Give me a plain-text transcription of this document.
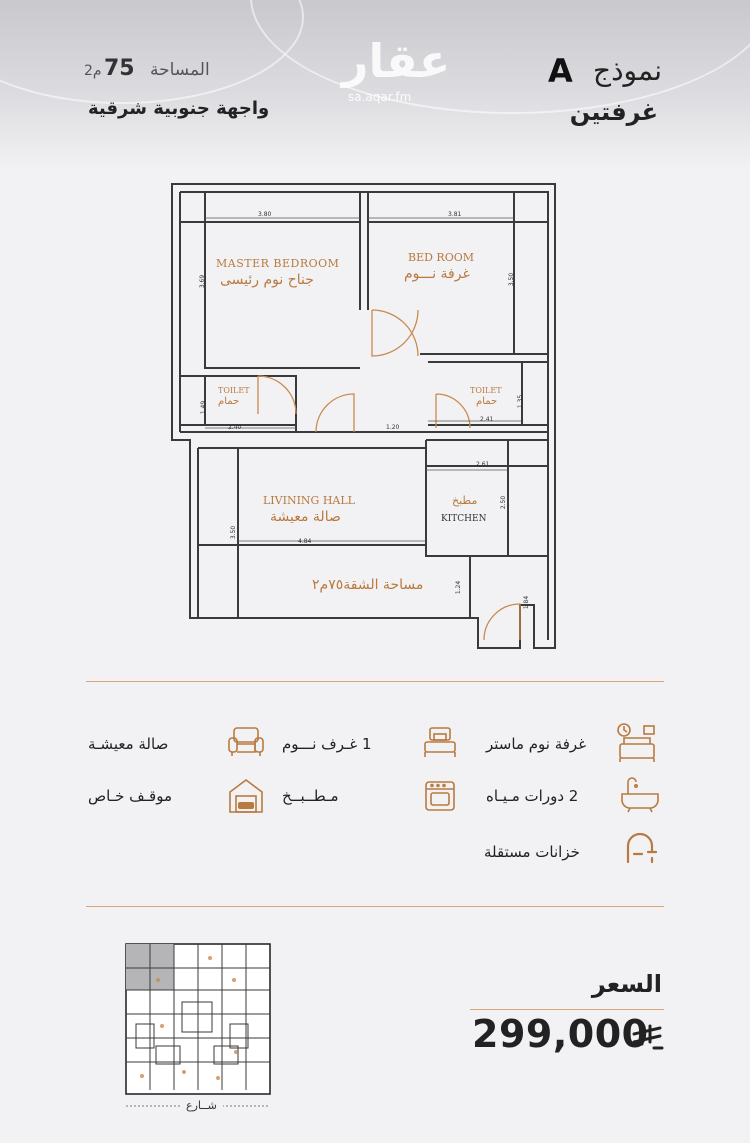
عقار
sa.aqar.fm
نموذج
A
غرفتين
المساحة
75
م2
واجهة جنوبية شرقية
MASTER BEDROOM
جناح نوم رئيسى
BED ROOM
غرفة نـــوم
TOILET
حمام
TOILET
حمام
LIVINING HALL
صالة معيشة
مطبخ
KITCHEN
مساحة الشقة٧٥م٢
3.80	3.81
3.69	3.50
1.49	1.35
2.40
2.41
1.20
2.61
2.50
3.50
4.84
1.24
1.84
غرفة نوم ماستر
1 غـرف نـــوم
صالة معيشـة
2 دورات مـيـاه
مـطــبــخ
موقـف خـاص
خزانات مستقلة
شــارع
السعر
299,000
